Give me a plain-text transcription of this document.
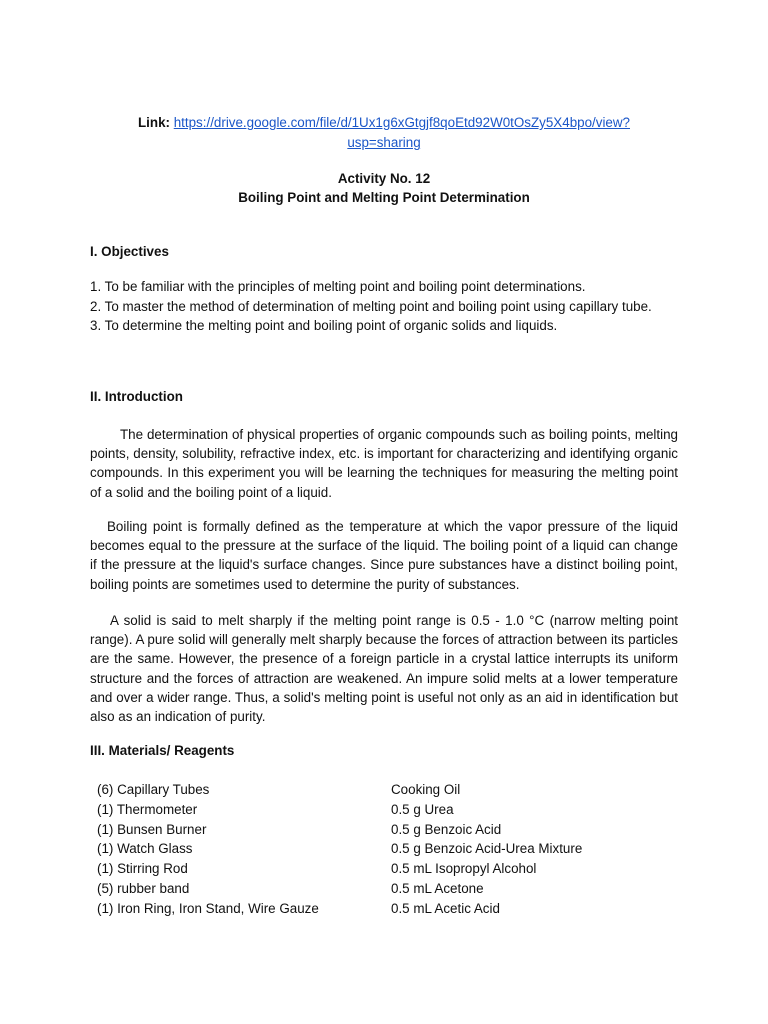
Link: https://drive.google.com/file/d/1Ux1g6xGtgjf8qoEtd92W0tOsZy5X4bpo/view?
usp=sharing
Activity No. 12
Boiling Point and Melting Point Determination
I. Objectives
1. To be familiar with the principles of melting point and boiling point determinations.
2. To master the method of determination of melting point and boiling point using capillary tube.
3. To determine the melting point and boiling point of organic solids and liquids.
II. Introduction

The determination of physical properties of organic compounds such as boiling points, melting points, density, solubility, refractive index, etc. is important for characterizing and identifying organic compounds. In this experiment you will be learning the techniques for measuring the melting point of a solid and the boiling point of a liquid.

Boiling point is formally defined as the temperature at which the vapor pressure of the liquid becomes equal to the pressure at the surface of the liquid. The boiling point of a liquid can change if the pressure at the liquid's surface changes. Since pure substances have a distinct boiling point, boiling points are sometimes used to determine the purity of substances.

A solid is said to melt sharply if the melting point range is 0.5 - 1.0 °C (narrow melting point range). A pure solid will generally melt sharply because the forces of attraction between its particles are the same. However, the presence of a foreign particle in a crystal lattice interrupts its uniform structure and the forces of attraction are weakened. An impure solid melts at a lower temperature and over a wider range. Thus, a solid's melting point is useful not only as an aid in identification but also as an indication of purity.

III. Materials/ Reagents
(6) Capillary Tubes	Cooking Oil
(1) Thermometer	0.5 g Urea
(1) Bunsen Burner	0.5 g Benzoic Acid
(1) Watch Glass	0.5 g Benzoic Acid-Urea Mixture
(1) Stirring Rod	0.5 mL Isopropyl Alcohol
(5) rubber band	0.5 mL Acetone
(1) Iron Ring, Iron Stand, Wire Gauze	0.5 mL Acetic Acid
